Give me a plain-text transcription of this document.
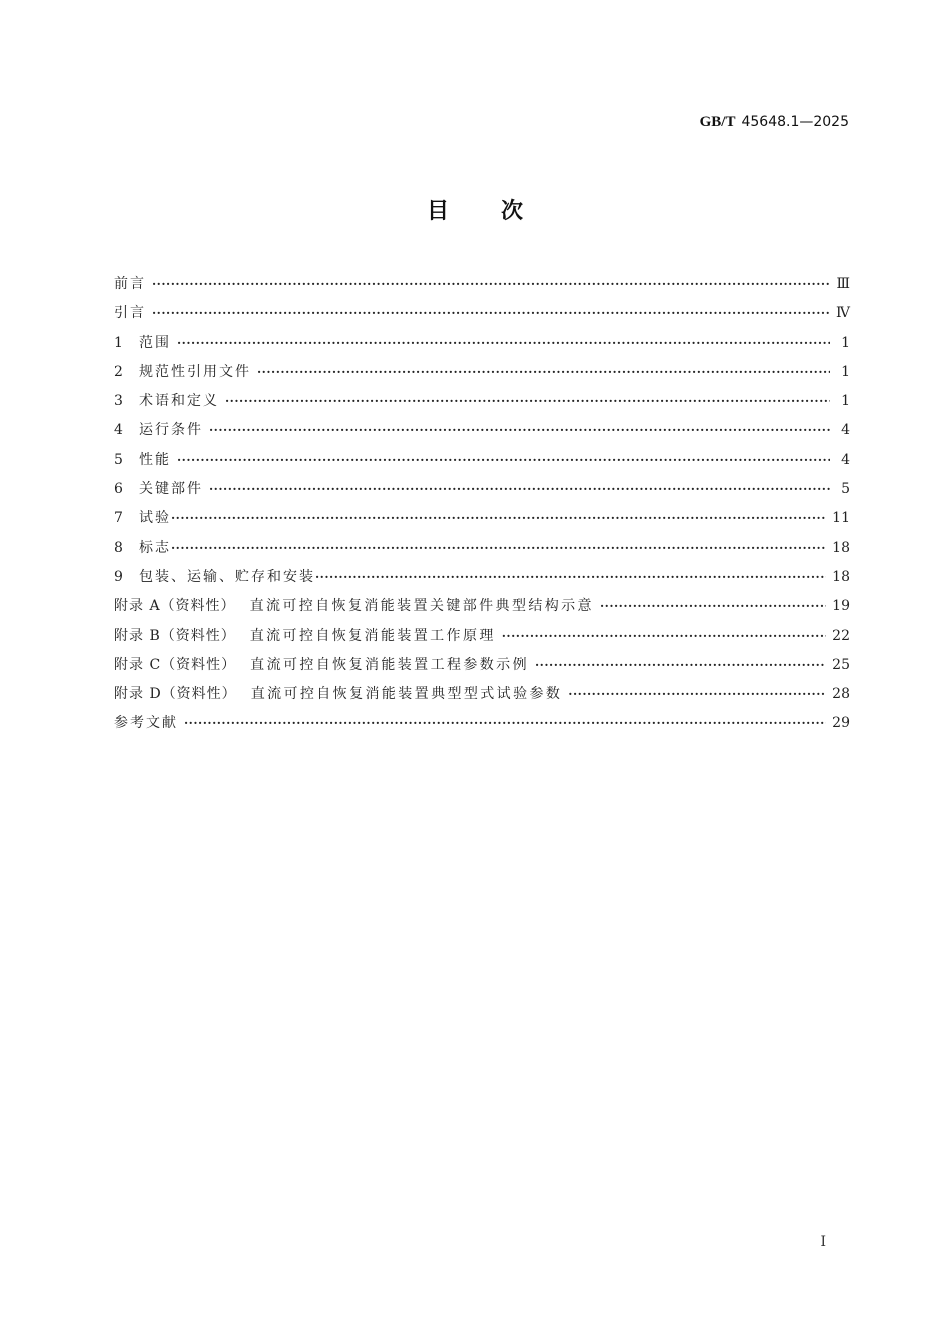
GB/T 45648.1—2025
目次
前言 ·····	Ⅲ
引言 ·····	Ⅳ
1 范围 ·····	1
2 规范性引用文件 ·····	1
3 术语和定义 ·····	1
4 运行条件 ·····	4
5 性能 ·····	4
6 关键部件 ·····	5
7 试验 ·····	11
8 标志 ·····	18
9 包装、运输、贮存和安装 ·····	18
附录 A（资料性） 直流可控自恢复消能装置关键部件典型结构示意 ·····	19
附录 B（资料性） 直流可控自恢复消能装置工作原理 ·····	22
附录 C（资料性） 直流可控自恢复消能装置工程参数示例 ·····	25
附录 D（资料性） 直流可控自恢复消能装置典型型式试验参数 ·····	28
参考文献 ·····	29
Ⅰ
